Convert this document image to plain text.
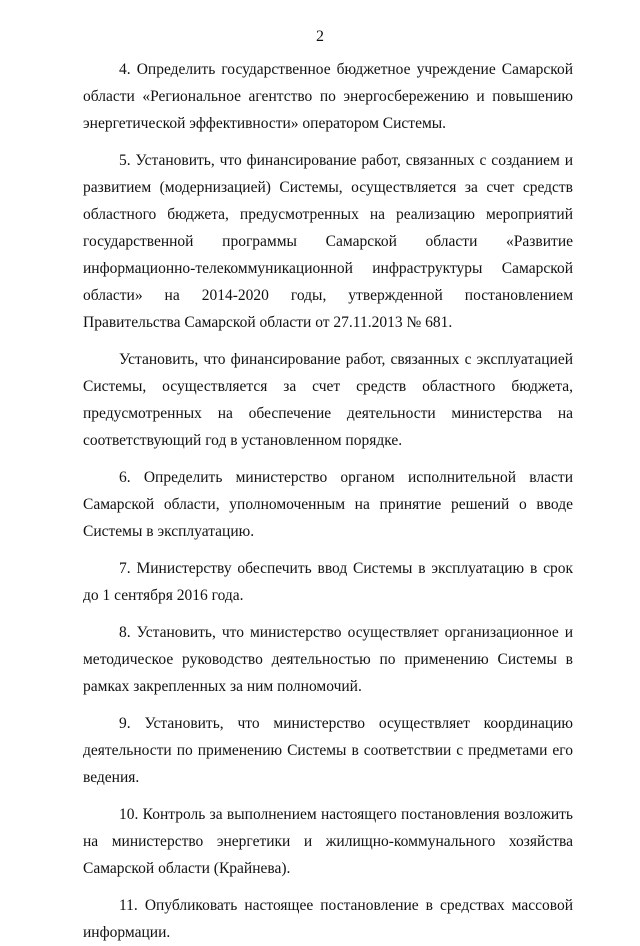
2

4. Определить государственное бюджетное учреждение Самарской области «Региональное агентство по энергосбережению и повышению энергетической эффективности» оператором Системы.

5. Установить, что финансирование работ, связанных с созданием и развитием (модернизацией) Системы, осуществляется за счет средств областного бюджета, предусмотренных на реализацию мероприятий государственной программы Самарской области «Развитие информационно-телекоммуникационной инфраструктуры Самарской области» на 2014-2020 годы, утвержденной постановлением Правительства Самарской области от 27.11.2013 № 681.

Установить, что финансирование работ, связанных с эксплуатацией Системы, осуществляется за счет средств областного бюджета, предусмотренных на обеспечение деятельности министерства на соответствующий год в установленном порядке.

6. Определить министерство органом исполнительной власти Самарской области, уполномоченным на принятие решений о вводе Системы в эксплуатацию.

7. Министерству обеспечить ввод Системы в эксплуатацию в срок до 1 сентября 2016 года.

8. Установить, что министерство осуществляет организационное и методическое руководство деятельностью по применению Системы в рамках закрепленных за ним полномочий.

9. Установить, что министерство осуществляет координацию деятельности по применению Системы в соответствии с предметами его ведения.

10. Контроль за выполнением настоящего постановления возложить на министерство энергетики и жилищно-коммунального хозяйства Самарской области (Крайнева).

11. Опубликовать настоящее постановление в средствах массовой информации.
